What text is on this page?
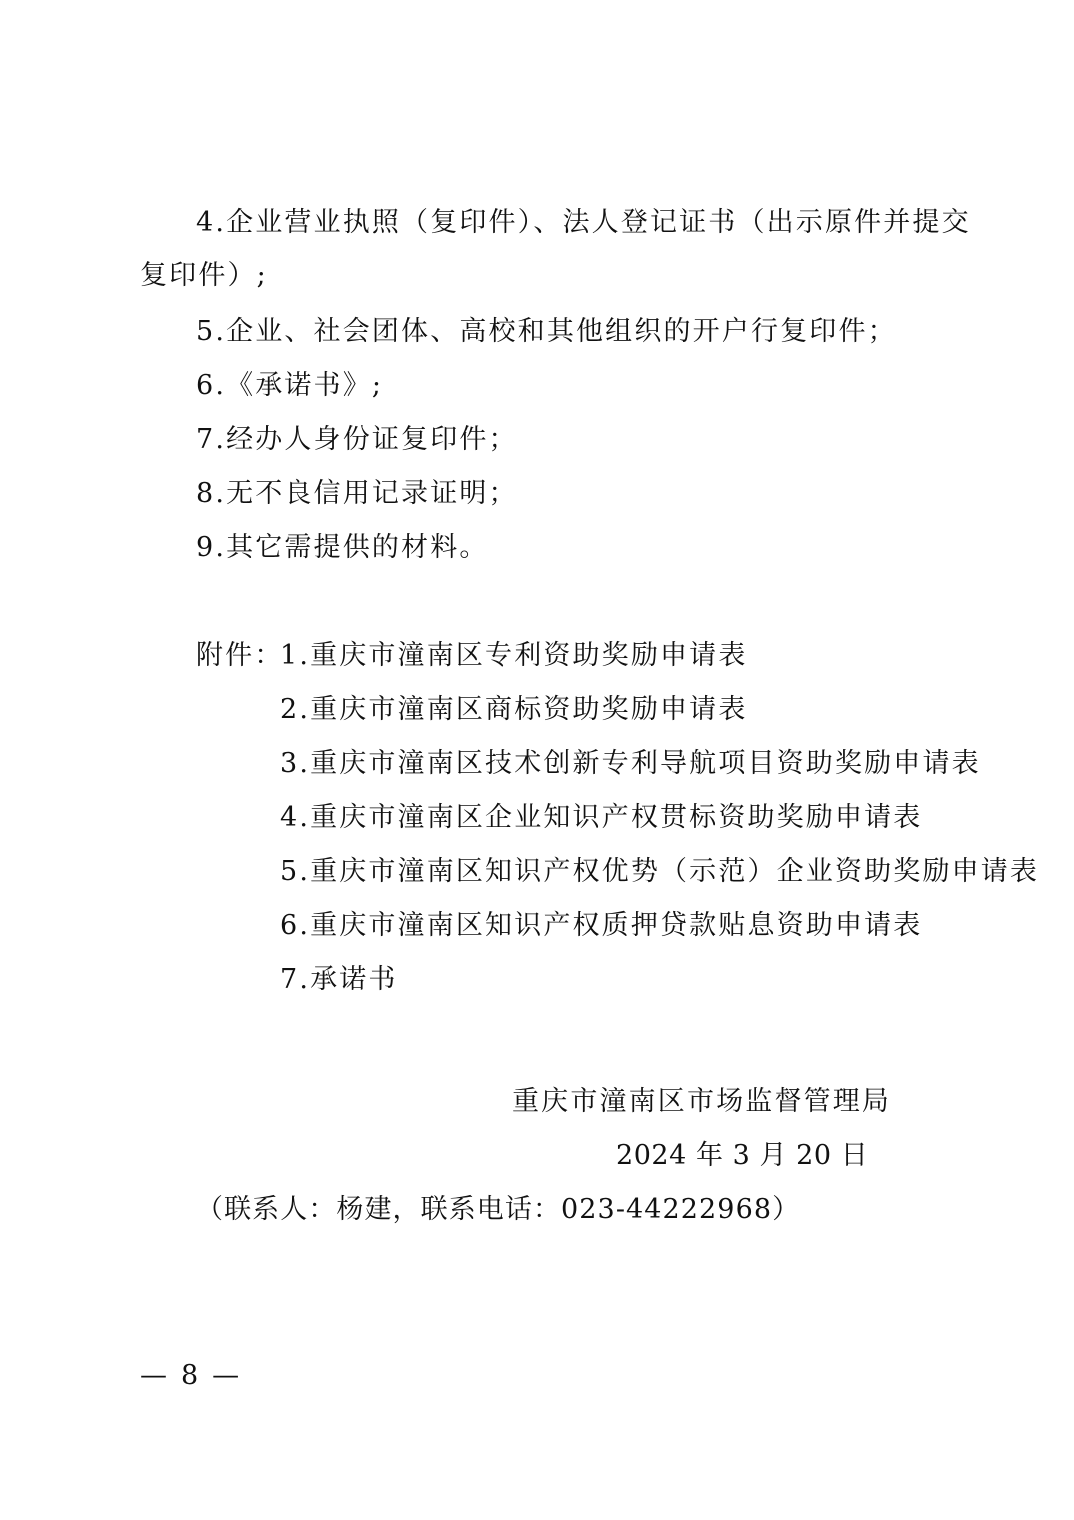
4.企业营业执照（复印件）、法人登记证书（出示原件并提交
复印件）;
5.企业、社会团体、高校和其他组织的开户行复印件；
6.《承诺书》;
7.经办人身份证复印件；
8.无不良信用记录证明；
9.其它需提供的材料。
附件：
1.重庆市潼南区专利资助奖励申请表
2.重庆市潼南区商标资助奖励申请表
3.重庆市潼南区技术创新专利导航项目资助奖励申请表
4.重庆市潼南区企业知识产权贯标资助奖励申请表
5.重庆市潼南区知识产权优势（示范）企业资助奖励申请表
6.重庆市潼南区知识产权质押贷款贴息资助申请表
7.承诺书
重庆市潼南区市场监督管理局
2024 年 3 月 20 日
（联系人：杨建，联系电话：023-44222968）
— 8 —
